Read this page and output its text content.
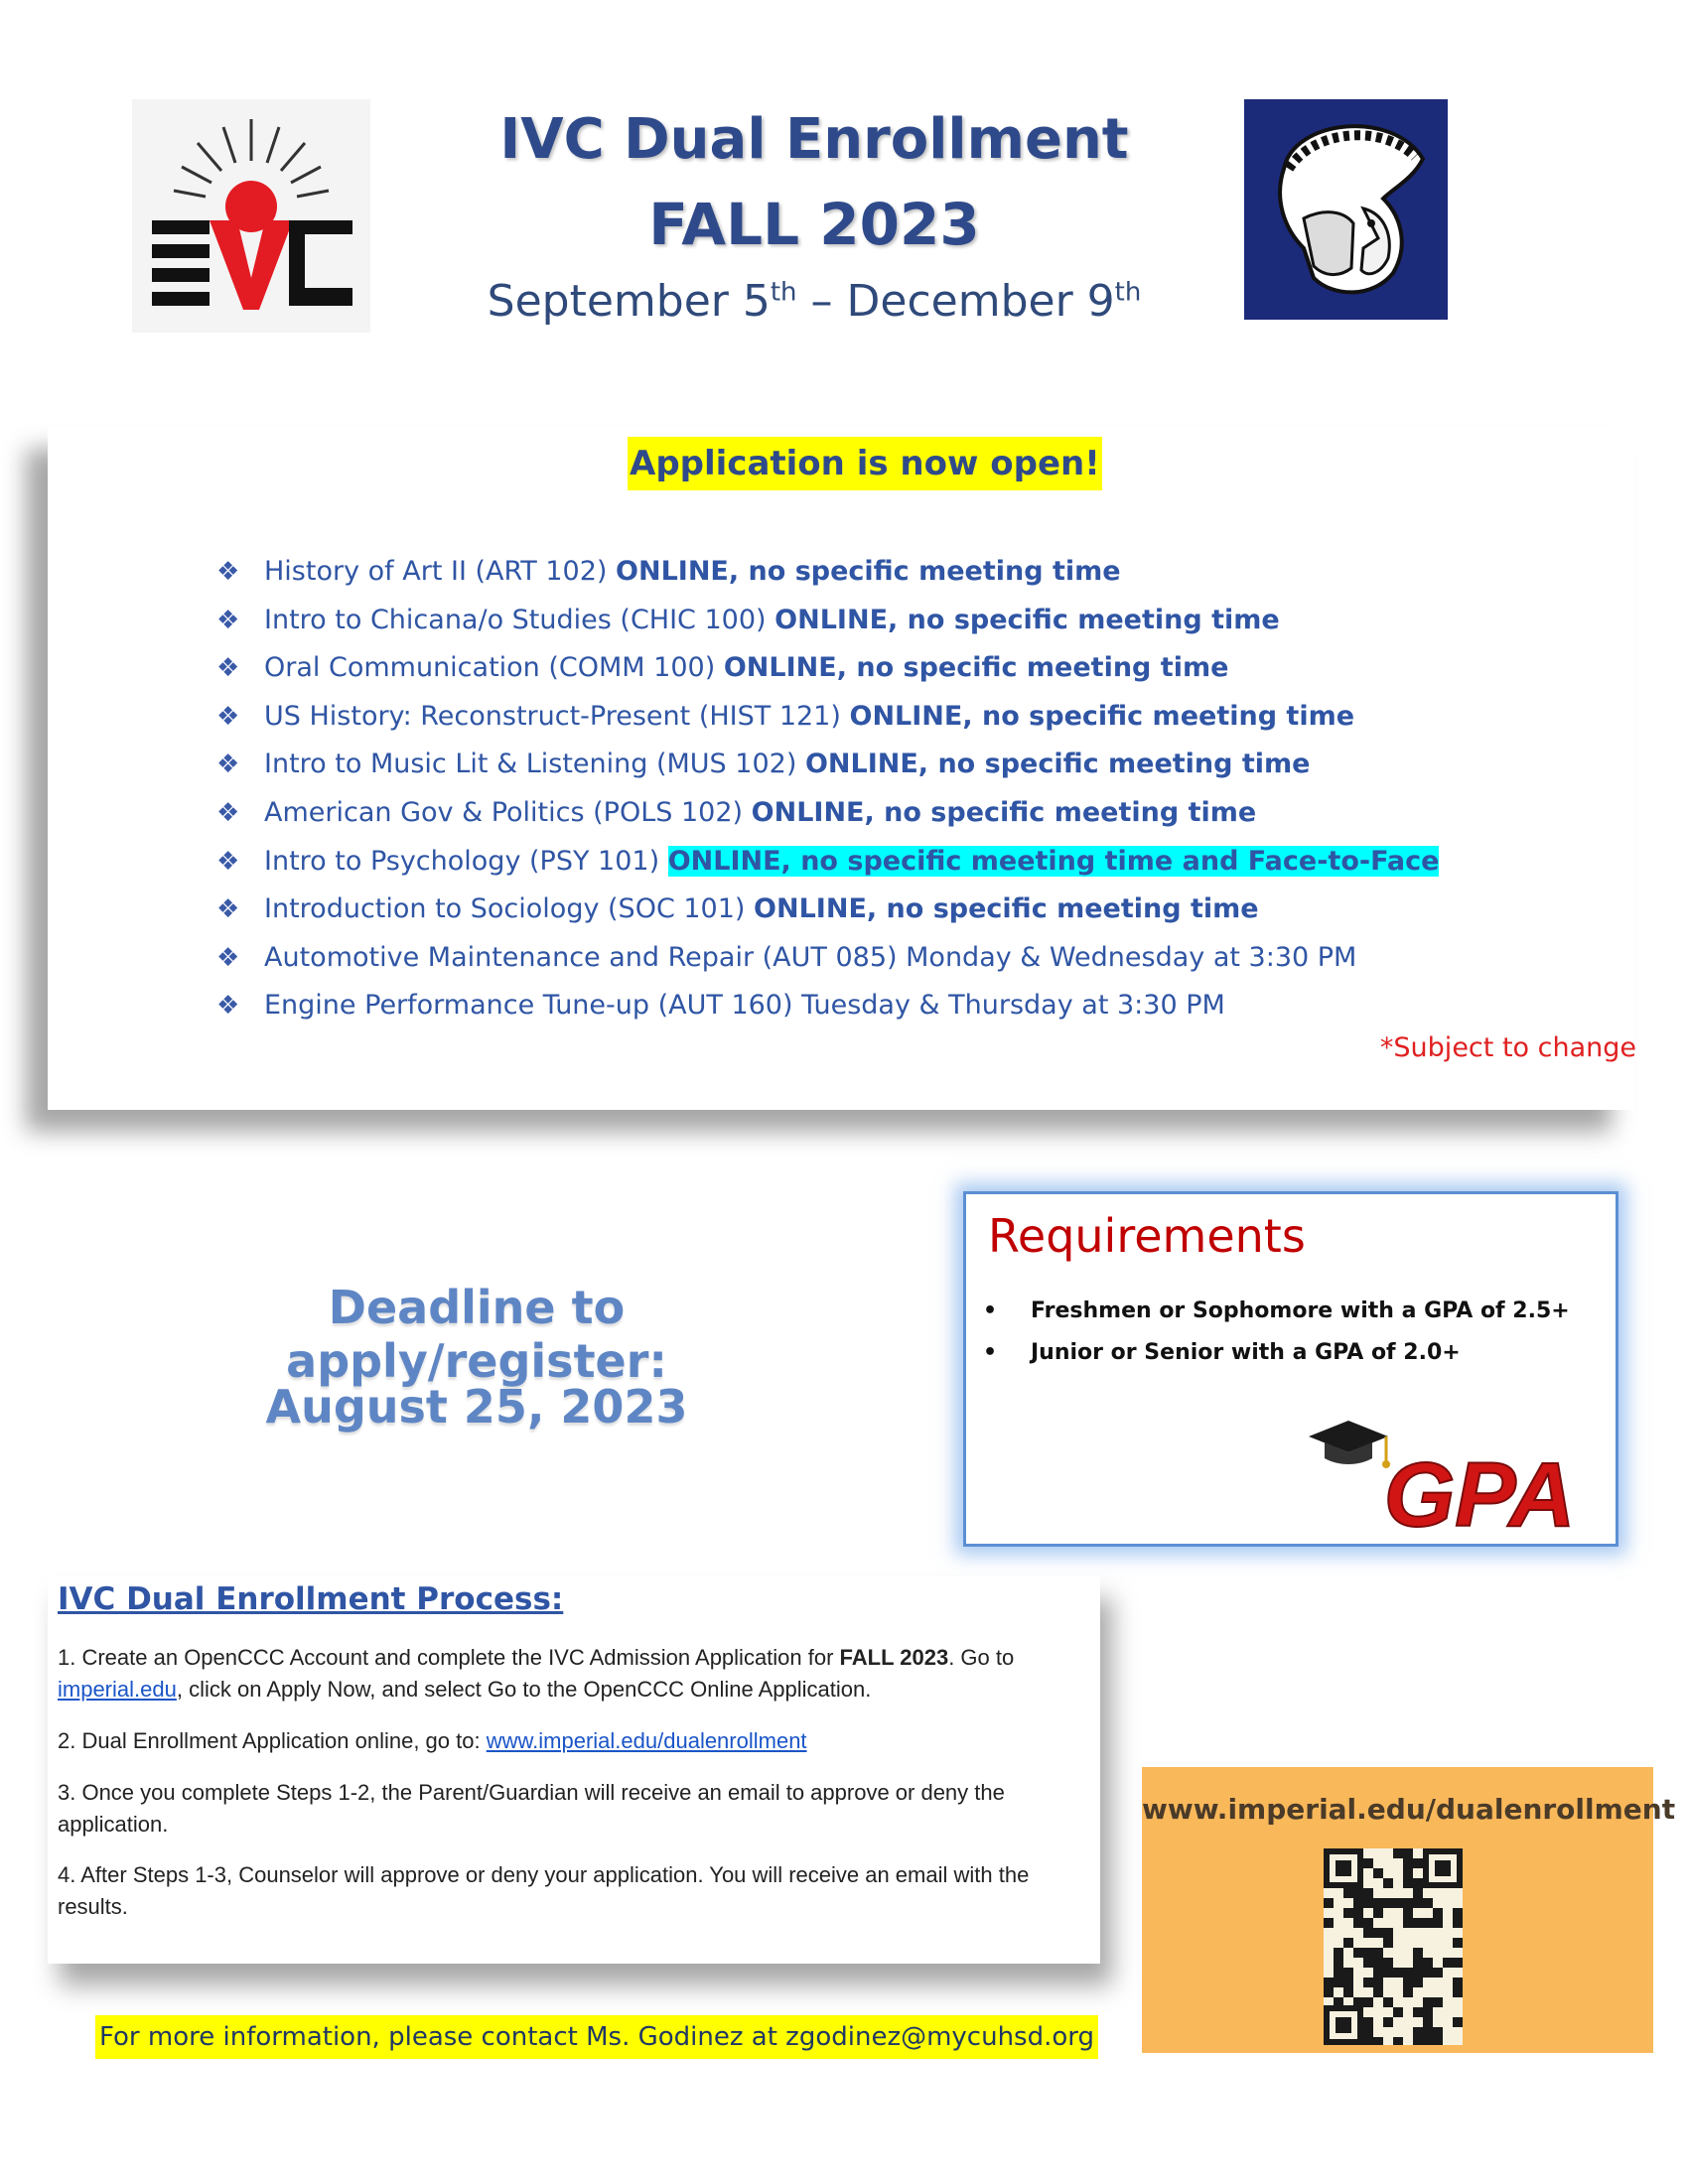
IVC Dual Enrollment
FALL 2023
September 5th – December 9th
Application is now open!
❖ History of Art II (ART 102) ONLINE, no specific meeting time
❖ Intro to Chicana/o Studies (CHIC 100) ONLINE, no specific meeting time
❖ Oral Communication (COMM 100) ONLINE, no specific meeting time
❖ US History: Reconstruct-Present (HIST 121) ONLINE, no specific meeting time
❖ Intro to Music Lit & Listening (MUS 102) ONLINE, no specific meeting time
❖ American Gov & Politics (POLS 102) ONLINE, no specific meeting time
❖ Intro to Psychology (PSY 101) ONLINE, no specific meeting time and Face-to-Face
❖ Introduction to Sociology (SOC 101) ONLINE, no specific meeting time
❖ Automotive Maintenance and Repair (AUT 085) Monday & Wednesday at 3:30 PM
❖ Engine Performance Tune-up (AUT 160) Tuesday & Thursday at 3:30 PM
*Subject to change
Deadline to apply/register:
August 25, 2023
Requirements
• Freshmen or Sophomore with a GPA of 2.5+
• Junior or Senior with a GPA of 2.0+
GPA
IVC Dual Enrollment Process:
1. Create an OpenCCC Account and complete the IVC Admission Application for FALL 2023. Go to imperial.edu, click on Apply Now, and select Go to the OpenCCC Online Application.
2. Dual Enrollment Application online, go to: www.imperial.edu/dualenrollment
3. Once you complete Steps 1-2, the Parent/Guardian will receive an email to approve or deny the application.
4. After Steps 1-3, Counselor will approve or deny your application. You will receive an email with the results.
www.imperial.edu/dualenrollment
For more information, please contact Ms. Godinez at zgodinez@mycuhsd.org
